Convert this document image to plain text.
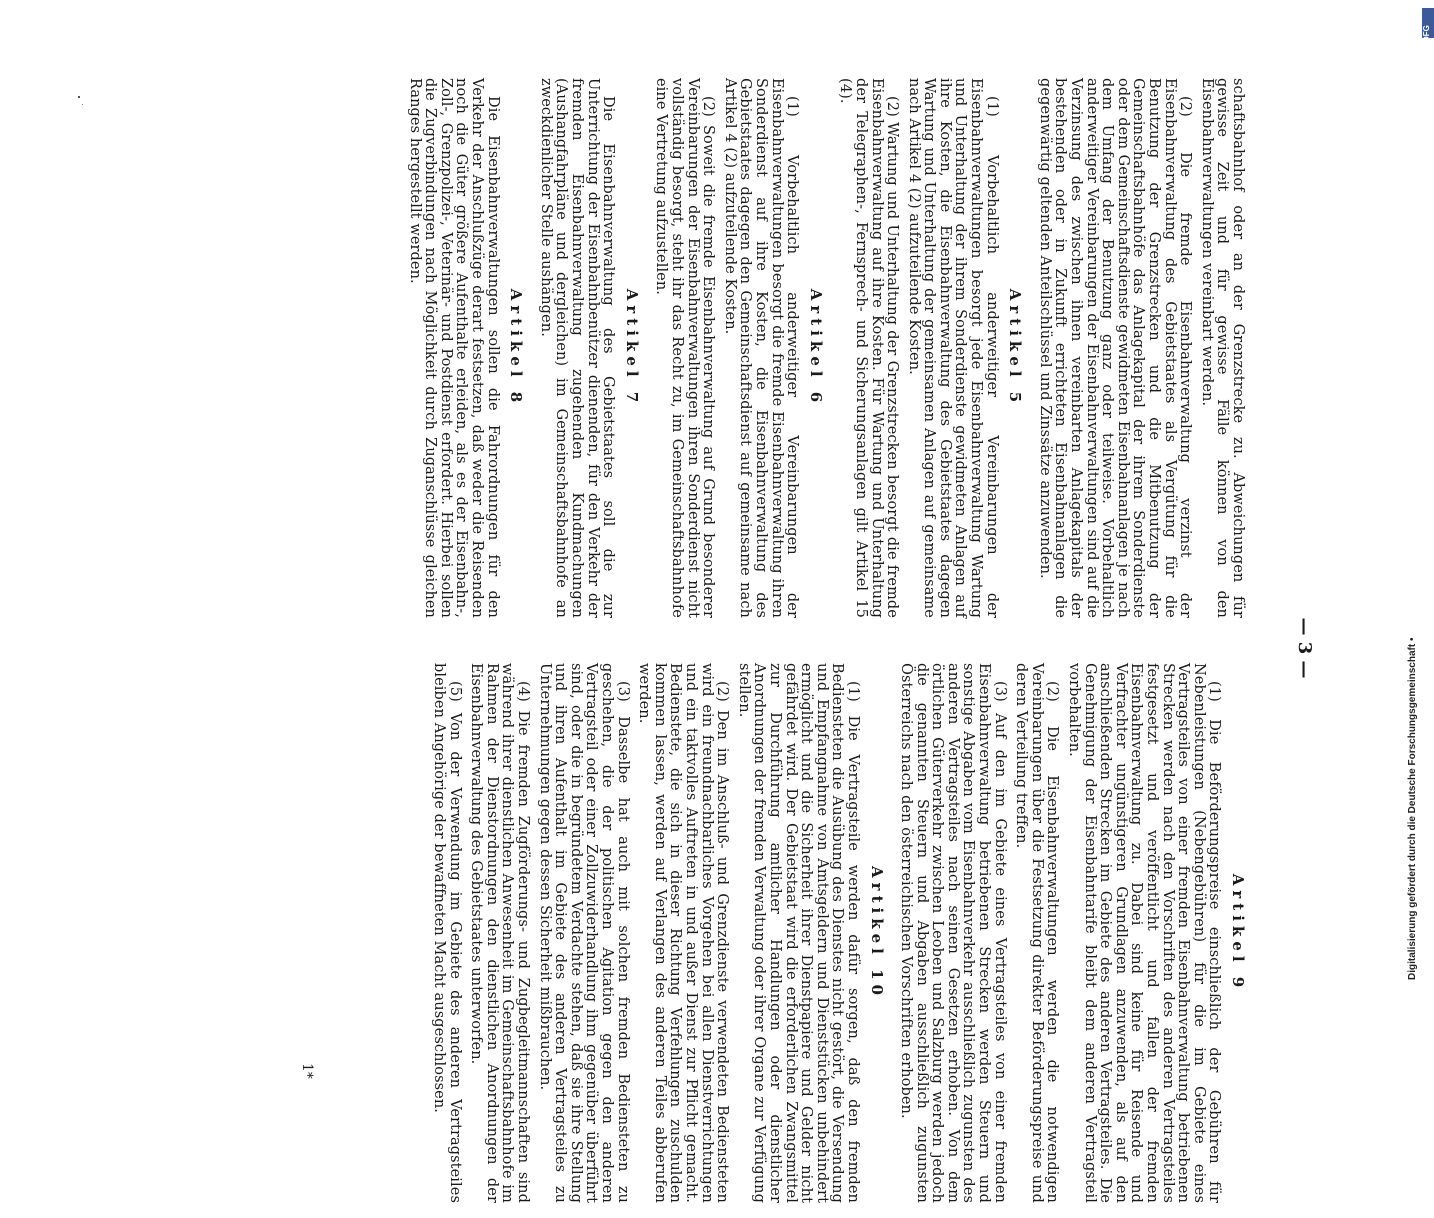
— 3 —

schaftsbahnhof oder an der Grenzstrecke zu. Abweichungen für gewisse Zeit und für gewisse Fälle können von den Eisenbahnverwaltungen vereinbart werden.

(2) Die fremde Eisenbahnverwaltung verzinst der Eisenbahnverwaltung des Gebietstaates als Vergütung für die Benutzung der Grenzstrecken und die Mitbenutzung der Gemeinschaftsbahnhöfe das Anlagekapital der ihrem Sonderdienste oder dem Gemeinschaftsdienste gewidmeten Eisenbahnanlagen je nach dem Umfang der Benutzung ganz oder teilweise. Vorbehaltlich anderweitiger Vereinbarungen der Eisenbahnverwaltungen sind auf die Verzinsung des zwischen ihnen vereinbarten Anlagekapitals der bestehenden oder in Zukunft errichteten Eisenbahnanlagen die gegenwärtig geltenden Anteilschlüssel und Zinssätze anzuwenden.

Artikel 5

(1) Vorbehaltlich anderweitiger Vereinbarungen der Eisenbahnverwaltungen besorgt jede Eisenbahnverwaltung Wartung und Unterhaltung der ihrem Sonderdienste gewidmeten Anlagen auf ihre Kosten, die Eisenbahnverwaltung des Gebietstaates dagegen Wartung und Unterhaltung der gemeinsamen Anlagen auf gemeinsame nach Artikel 4 (2) aufzuteilende Kosten.

(2) Wartung und Unterhaltung der Grenzstrecken besorgt die fremde Eisenbahnverwaltung auf ihre Kosten. Für Wartung und Unterhaltung der Telegraphen-, Fernsprech- und Sicherungsanlagen gilt Artikel 15 (4).

Artikel 6

(1) Vorbehaltlich anderweitiger Vereinbarungen der Eisenbahnverwaltungen besorgt die fremde Eisenbahnverwaltung ihren Sonderdienst auf ihre Kosten, die Eisenbahnverwaltung des Gebietstaates dagegen den Gemeinschaftsdienst auf gemeinsame nach Artikel 4 (2) aufzuteilende Kosten.

(2) Soweit die fremde Eisenbahnverwaltung auf Grund besonderer Vereinbarungen der Eisenbahnverwaltungen ihren Sonderdienst nicht vollständig besorgt, steht ihr das Recht zu, im Gemeinschaftsbahnhofe eine Vertretung aufzustellen.

Artikel 7

Die Eisenbahnverwaltung des Gebietstaates soll die zur Unterrichtung der Eisenbahnbenützer dienenden, für den Verkehr der fremden Eisenbahnverwaltung zugehenden Kundmachungen (Aushangfahrpläne und dergleichen) im Gemeinschaftsbahnhofe an zweckdienlicher Stelle aushängen.

Artikel 8

Die Eisenbahnverwaltungen sollen die Fahrordnungen für den Verkehr der Anschlußzüge derart festsetzen, daß weder die Reisenden noch die Güter größere Aufenthalte erleiden, als es der Eisenbahn-, Zoll-, Grenzpolizei-, Veterinär- und Postdienst erfordert. Hierbei sollen die Zugverbindungen nach Möglichkeit durch Zuganschlüsse gleichen Ranges hergestellt werden.

Artikel 9

(1) Die Beförderungspreise einschließlich der Gebühren für Nebenleistungen (Nebengebühren) für die im Gebiete eines Vertragsteiles von einer fremden Eisenbahnverwaltung betriebenen Strecken werden nach den Vorschriften des anderen Vertragsteiles festgesetzt und veröffentlicht und fallen der fremden Eisenbahnverwaltung zu. Dabei sind keine für Reisende und Verfrachter ungünstigeren Grundlagen anzuwenden, als auf den anschließenden Strecken im Gebiete des anderen Vertragsteiles. Die Genehmigung der Eisenbahntarife bleibt dem anderen Vertragsteil vorbehalten.

(2) Die Eisenbahnverwaltungen werden die notwendigen Vereinbarungen über die Festsetzung direkter Beförderungspreise und deren Verteilung treffen.

(3) Auf den im Gebiete eines Vertragsteiles von einer fremden Eisenbahnverwaltung betriebenen Strecken werden Steuern und sonstige Abgaben vom Eisenbahnverkehr ausschließlich zugunsten des anderen Vertragsteiles nach seinen Gesetzen erhoben. Von dem örtlichen Güterverkehr zwischen Leoben und Salzburg werden jedoch die genannten Steuern und Abgaben ausschließlich zugunsten Österreichs nach den österreichischen Vorschriften erhoben.

Artikel 10

(1) Die Vertragsteile werden dafür sorgen, daß den fremden Bediensteten die Ausübung des Dienstes nicht gestört, die Versendung und Empfangnahme von Amtsgeldern und Dienststücken unbehindert ermöglicht und die Sicherheit ihrer Dienstpapiere und Gelder nicht gefährdet wird. Der Gebietstaat wird die erforderlichen Zwangsmittel zur Durchführung amtlicher Handlungen oder dienstlicher Anordnungen der fremden Verwaltung oder ihrer Organe zur Verfügung stellen.

(2) Den im Anschluß- und Grenzdienste verwendeten Bediensteten wird ein freundnachbarliches Vorgehen bei allen Dienstverrichtungen und ein taktvolles Auftreten in und außer Dienst zur Pflicht gemacht. Bedienstete, die sich in dieser Richtung Verfehlungen zuschulden kommen lassen, werden auf Verlangen des anderen Teiles abberufen werden.

(3) Dasselbe hat auch mit solchen fremden Bediensteten zu geschehen, die der politischen Agitation gegen den anderen Vertragsteil oder einer Zollzuwiderhandlung ihm gegenüber überführt sind, oder die in begründetem Verdachte stehen, daß sie ihre Stellung und ihren Aufenthalt im Gebiete des anderen Vertragsteiles zu Unternehmungen gegen dessen Sicherheit mißbrauchen.

(4) Die fremden Zugförderungs- und Zugbegleitmannschaften sind während ihrer dienstlichen Anwesenheit im Gemeinschaftsbahnhofe im Rahmen der Dienstordnungen den dienstlichen Anordnungen der Eisenbahnverwaltung des Gebietstaates unterworfen.

(5) Von der Verwendung im Gebiete des anderen Vertragsteiles bleiben Angehörige der bewaffneten Macht ausgeschlossen.

1*
Digitalisierung gefördert durch die Deutsche Forschungsgemeinschaft •
DFG
